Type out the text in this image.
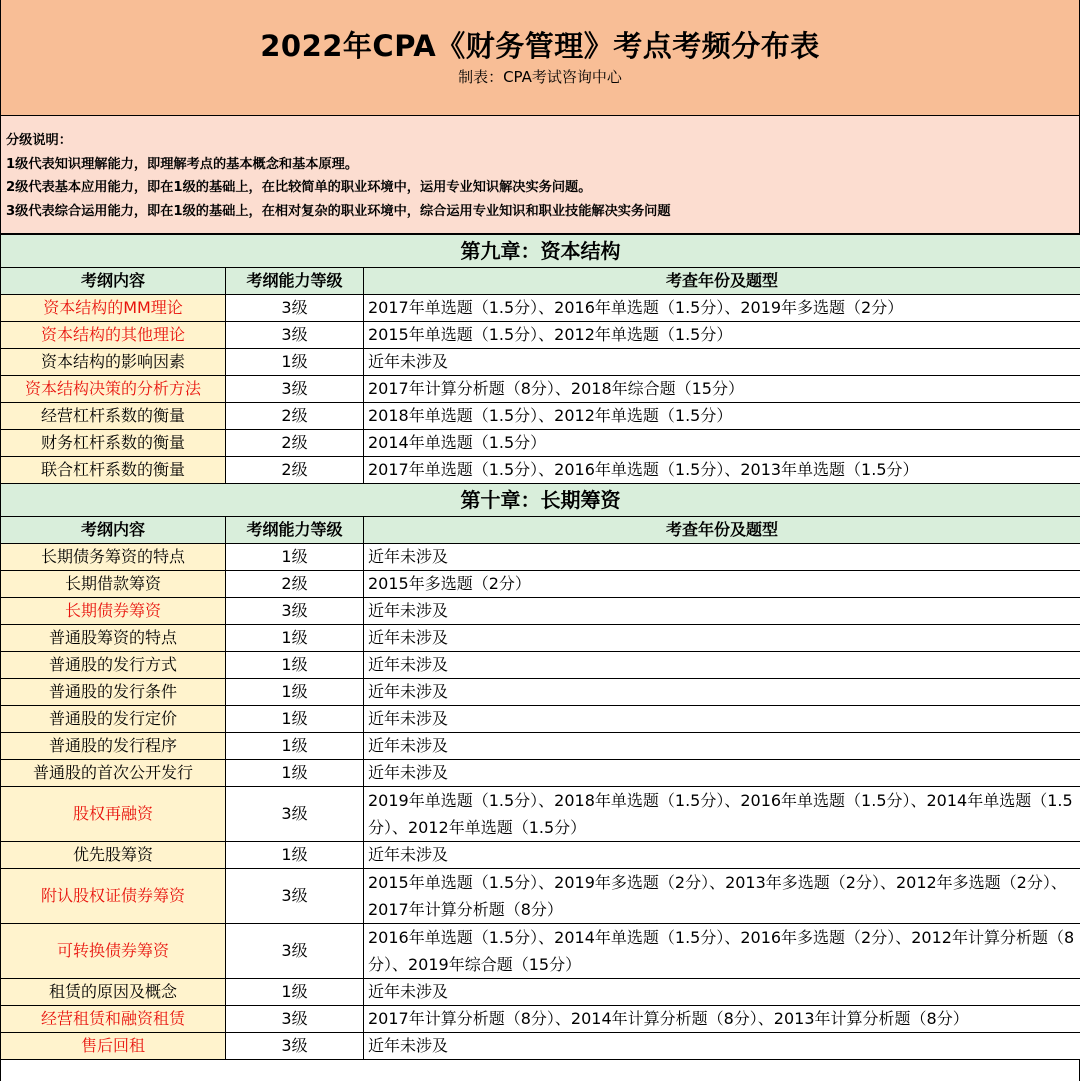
2022年CPA《财务管理》考点考频分布表
制表：CPA考试咨询中心
分级说明：
1级代表知识理解能力，即理解考点的基本概念和基本原理。
2级代表基本应用能力，即在1级的基础上，在比较简单的职业环境中，运用专业知识解决实务问题。
3级代表综合运用能力，即在1级的基础上，在相对复杂的职业环境中，综合运用专业知识和职业技能解决实务问题
第九章：资本结构		
考纲内容	考纲能力等级	考查年份及题型
资本结构的MM理论	3级	2017年单选题（1.5分）、2016年单选题（1.5分）、2019年多选题（2分）
资本结构的其他理论	3级	2015年单选题（1.5分）、2012年单选题（1.5分）
资本结构的影响因素	1级	近年未涉及
资本结构决策的分析方法	3级	2017年计算分析题（8分）、2018年综合题（15分）
经营杠杆系数的衡量	2级	2018年单选题（1.5分）、2012年单选题（1.5分）
财务杠杆系数的衡量	2级	2014年单选题（1.5分）
联合杠杆系数的衡量	2级	2017年单选题（1.5分）、2016年单选题（1.5分）、2013年单选题（1.5分）
第十章：长期筹资		
考纲内容	考纲能力等级	考查年份及题型
长期债务筹资的特点	1级	近年未涉及
长期借款筹资	2级	2015年多选题（2分）
长期债券筹资	3级	近年未涉及
普通股筹资的特点	1级	近年未涉及
普通股的发行方式	1级	近年未涉及
普通股的发行条件	1级	近年未涉及
普通股的发行定价	1级	近年未涉及
普通股的发行程序	1级	近年未涉及
普通股的首次公开发行	1级	近年未涉及
股权再融资	3级	2019年单选题（1.5分）、2018年单选题（1.5分）、2016年单选题（1.5分）、2014年单选题（1.5分）、2012年单选题（1.5分）
优先股筹资	1级	近年未涉及
附认股权证债券筹资	3级	2015年单选题（1.5分）、2019年多选题（2分）、2013年多选题（2分）、2012年多选题（2分）、2017年计算分析题（8分）
可转换债券筹资	3级	2016年单选题（1.5分）、2014年单选题（1.5分）、2016年多选题（2分）、2012年计算分析题（8分）、2019年综合题（15分）
租赁的原因及概念	1级	近年未涉及
经营租赁和融资租赁	3级	2017年计算分析题（8分）、2014年计算分析题（8分）、2013年计算分析题（8分）
售后回租	3级	近年未涉及
